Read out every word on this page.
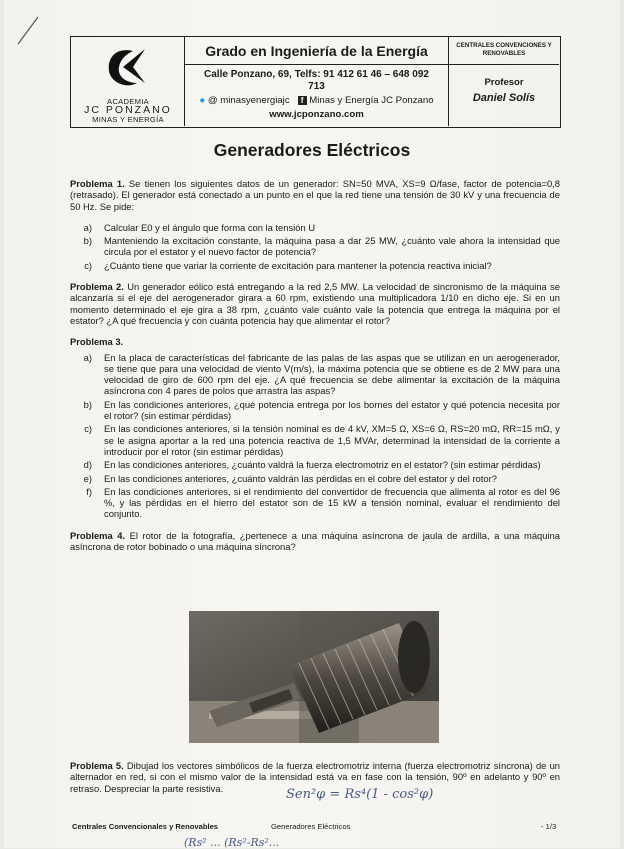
ACADEMIA
JC PONZANO
MINAS Y ENERGÍA
Grado en Ingeniería de la Energía
Calle Ponzano, 69, Telfs: 91 412 61 46 – 648 092 713
● @ minasyenergiajc f Minas y Energía JC Ponzano
www.jcponzano.com
CENTRALES CONVENCIONES Y RENOVABLES
Profesor
Daniel Solís
Generadores Eléctricos

Problema 1. Se tienen los siguientes datos de un generador: SN=50 MVA, XS=9 Ω/fase, factor de potencia=0,8 (retrasado). El generador está conectado a un punto en el que la red tiene una tensión de 30 kV y una frecuencia de 50 Hz. Se pide:

a)	Calcular E0 y el ángulo que forma con la tensión U
b)	Manteniendo la excitación constante, la máquina pasa a dar 25 MW, ¿cuánto vale ahora la intensidad que circula por el estator y el nuevo factor de potencia?
c)	¿Cuánto tiene que variar la corriente de excitación para mantener la potencia reactiva inicial?

Problema 2. Un generador eólico está entregando a la red 2,5 MW. La velocidad de sincronismo de la máquina se alcanzaría si el eje del aerogenerador girara a 60 rpm, existiendo una multiplicadora 1/10 en dicho eje. Si en un momento determinado el eje gira a 38 rpm, ¿cuánto vale cuánto vale la potencia que entrega la máquina por el estator? ¿A qué frecuencia y con cuánta potencia hay que alimentar el rotor?

Problema 3.

a)	En la placa de características del fabricante de las palas de las aspas que se utilizan en un aerogenerador, se tiene que para una velocidad de viento V(m/s), la máxima potencia que se obtiene es de 2 MW para una velocidad de giro de 600 rpm del eje. ¿A qué frecuencia se debe alimentar la excitación de la máquina asíncrona con 4 pares de polos que arrastra las aspas?
b)	En las condiciones anteriores, ¿qué potencia entrega por los bornes del estator y qué potencia necesita por el rotor? (sin estimar pérdidas)
c)	En las condiciones anteriores, si la tensión nominal es de 4 kV, XM=5 Ω, XS=6 Ω, RS=20 mΩ, RR=15 mΩ, y se le asigna aportar a la red una potencia reactiva de 1,5 MVAr, determinad la intensidad de la corriente a introducir por el rotor (sin estimar pérdidas)
d)	En las condiciones anteriores, ¿cuánto valdrá la fuerza electromotriz en el estator? (sin estimar pérdidas)
e)	En las condiciones anteriores, ¿cuánto valdrán las pérdidas en el cobre del estator y del rotor?
f)	En las condiciones anteriores, si el rendimiento del convertidor de frecuencia que alimenta al rotor es del 96 %, y las pérdidas en el hierro del estator son de 15 kW a tensión nominal, evaluar el rendimiento del conjunto.

Problema 4. El rotor de la fotografía, ¿pertenece a una máquina asíncrona de jaula de ardilla, a una máquina asíncrona de rotor bobinado o una máquina síncrona?

Problema 5. Dibujad los vectores simbólicos de la fuerza electromotriz interna (fuerza electromotriz síncrona) de un alternador en red, si con el mismo valor de la intensidad está va en fase con la tensión, 90º en adelanto y 90º en retraso. Despreciar la parte resistiva.	Sen²φ = Rs⁴(1 - cos²φ)
(Rs² ... (Rs²-Rs²...
Centrales Convencionales y Renovables	Generadores Eléctricos	- 1/3
